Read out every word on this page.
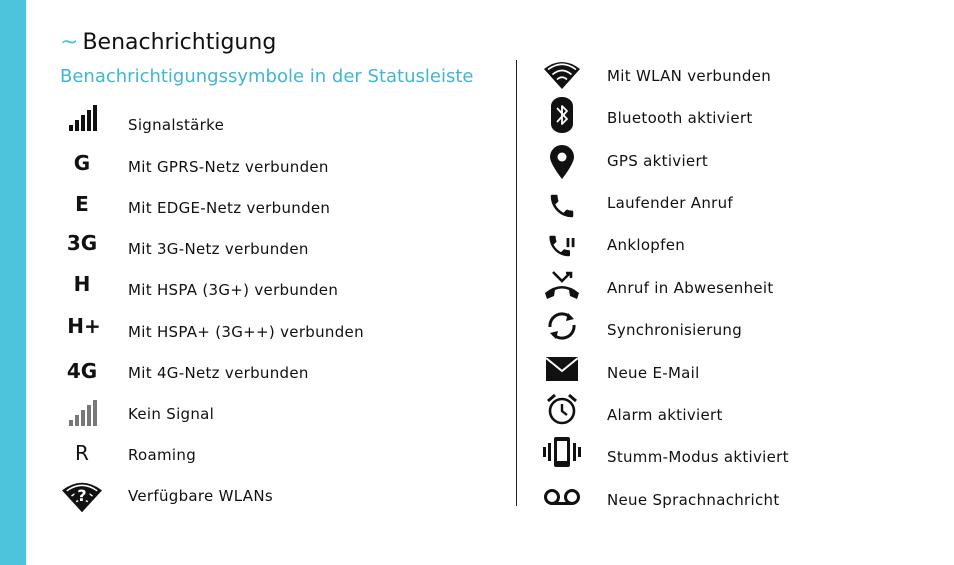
~ Benachrichtigung
Benachrichtigungssymbole in der Statusleiste
Signalstärke
G	Mit GPRS-Netz verbunden
E	Mit EDGE-Netz verbunden
3G	Mit 3G-Netz verbunden
H	Mit HSPA (3G+) verbunden
H+ Mit HSPA+ (3G++) verbunden
4G	Mit 4G-Netz verbunden
Kein Signal
R	Roaming
?	Verfügbare WLANs
Mit WLAN verbunden
Bluetooth aktiviert
GPS aktiviert
Laufender Anruf
Anklopfen
Anruf in Abwesenheit
Synchronisierung
Neue E-Mail
Alarm aktiviert
Stumm-Modus aktiviert
Neue Sprachnachricht
